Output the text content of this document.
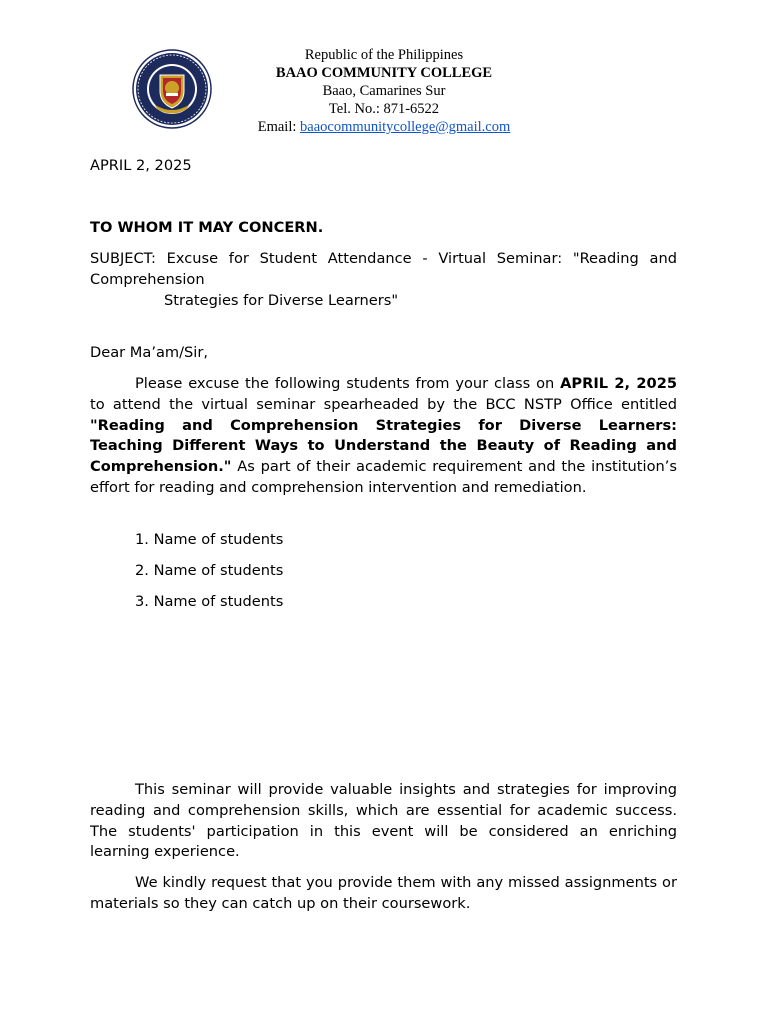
Republic of the Philippines
BAAO COMMUNITY COLLEGE
Baao, Camarines Sur
Tel. No.: 871-6522
Email: baaocommunitycollege@gmail.com
APRIL 2, 2025
TO WHOM IT MAY CONCERN.
SUBJECT: Excuse for Student Attendance - Virtual Seminar: "Reading and Comprehension
Strategies for Diverse Learners"
Dear Ma’am/Sir,
Please excuse the following students from your class on APRIL 2, 2025 to attend the virtual seminar spearheaded by the BCC NSTP Office entitled "Reading and Comprehension Strategies for Diverse Learners: Teaching Different Ways to Understand the Beauty of Reading and Comprehension." As part of their academic requirement and the institution’s effort for reading and comprehension intervention and remediation.
1. Name of students
2. Name of students
3. Name of students
This seminar will provide valuable insights and strategies for improving reading and comprehension skills, which are essential for academic success. The students' participation in this event will be considered an enriching learning experience.
We kindly request that you provide them with any missed assignments or materials so they can catch up on their coursework.
